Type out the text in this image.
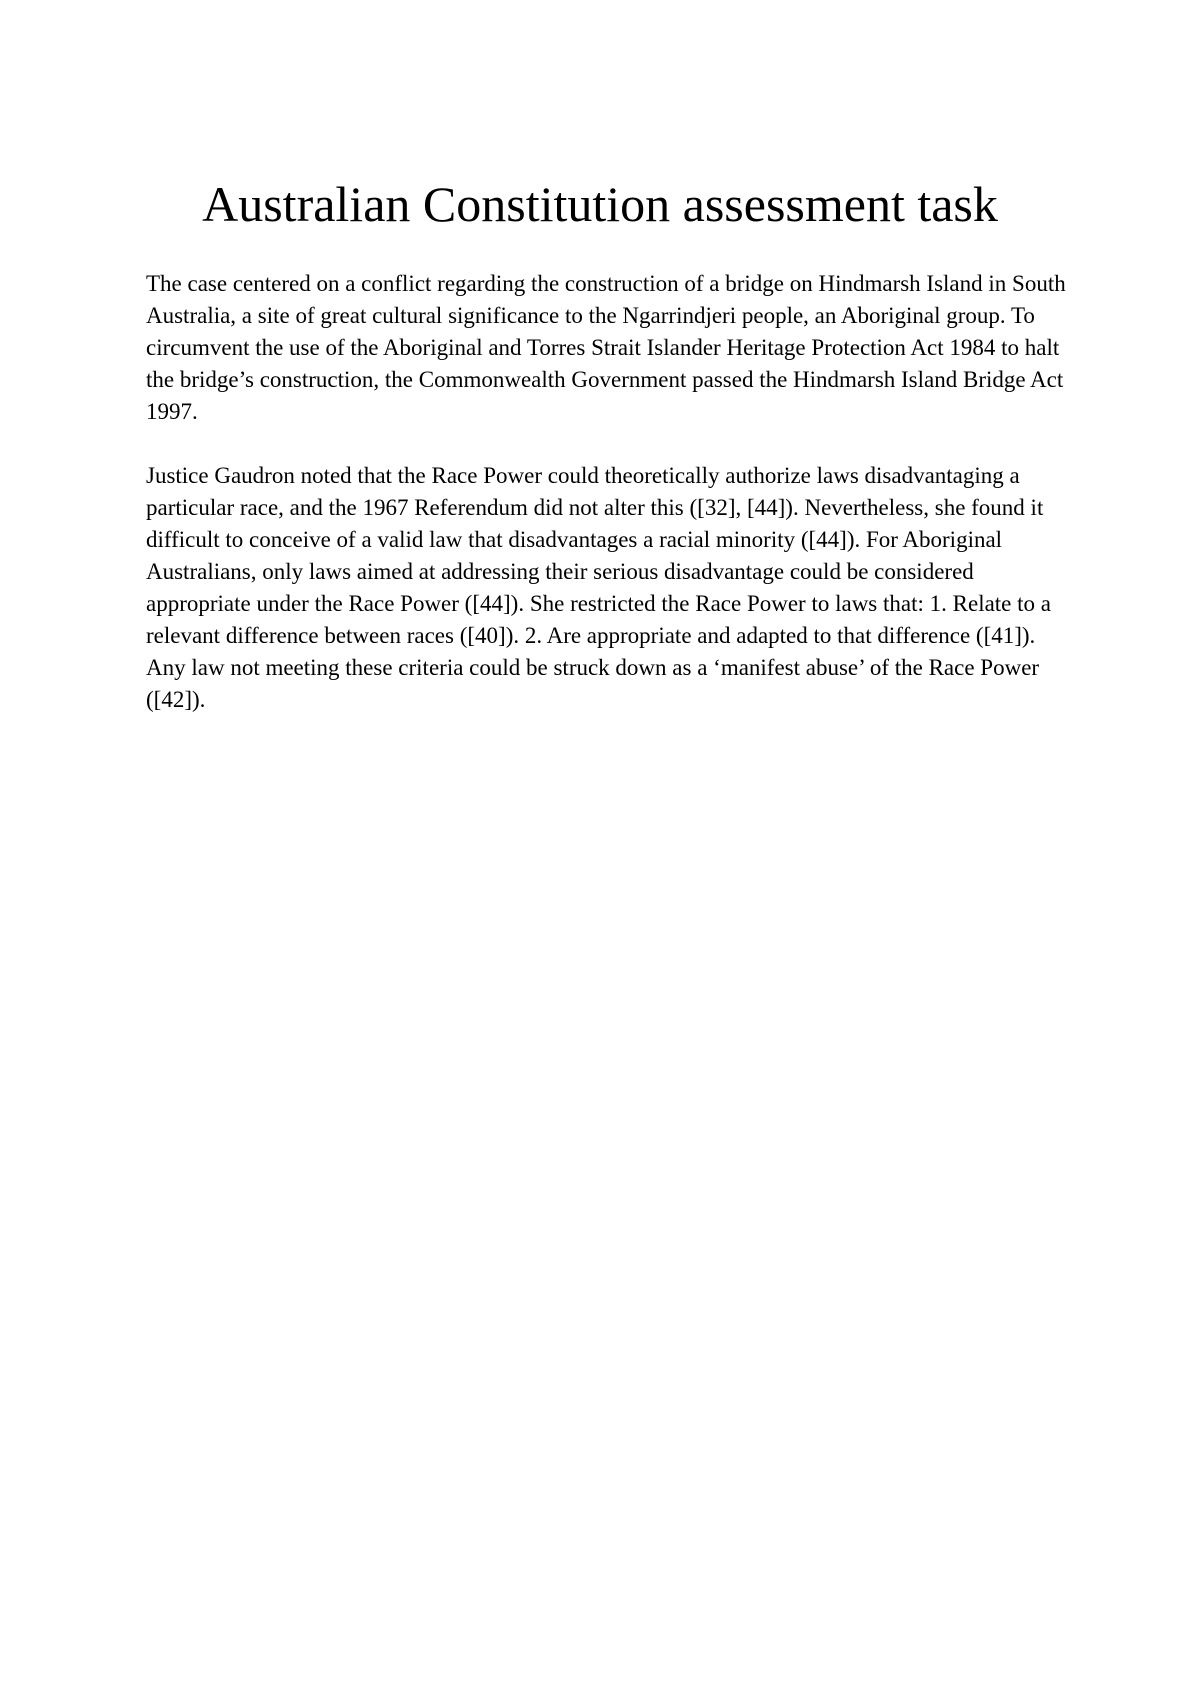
Australian Constitution assessment task

The case centered on a conflict regarding the construction of a bridge on Hindmarsh Island in South Australia, a site of great cultural significance to the Ngarrindjeri people, an Aboriginal group. To circumvent the use of the Aboriginal and Torres Strait Islander Heritage Protection Act 1984 to halt the bridge’s construction, the Commonwealth Government passed the Hindmarsh Island Bridge Act 1997.

Justice Gaudron noted that the Race Power could theoretically authorize laws disadvantaging a particular race, and the 1967 Referendum did not alter this ([32], [44]). Nevertheless, she found it difficult to conceive of a valid law that disadvantages a racial minority ([44]). For Aboriginal Australians, only laws aimed at addressing their serious disadvantage could be considered appropriate under the Race Power ([44]). She restricted the Race Power to laws that: 1. Relate to a relevant difference between races ([40]). 2. Are appropriate and adapted to that difference ([41]). Any law not meeting these criteria could be struck down as a ‘manifest abuse’ of the Race Power ([42]).
